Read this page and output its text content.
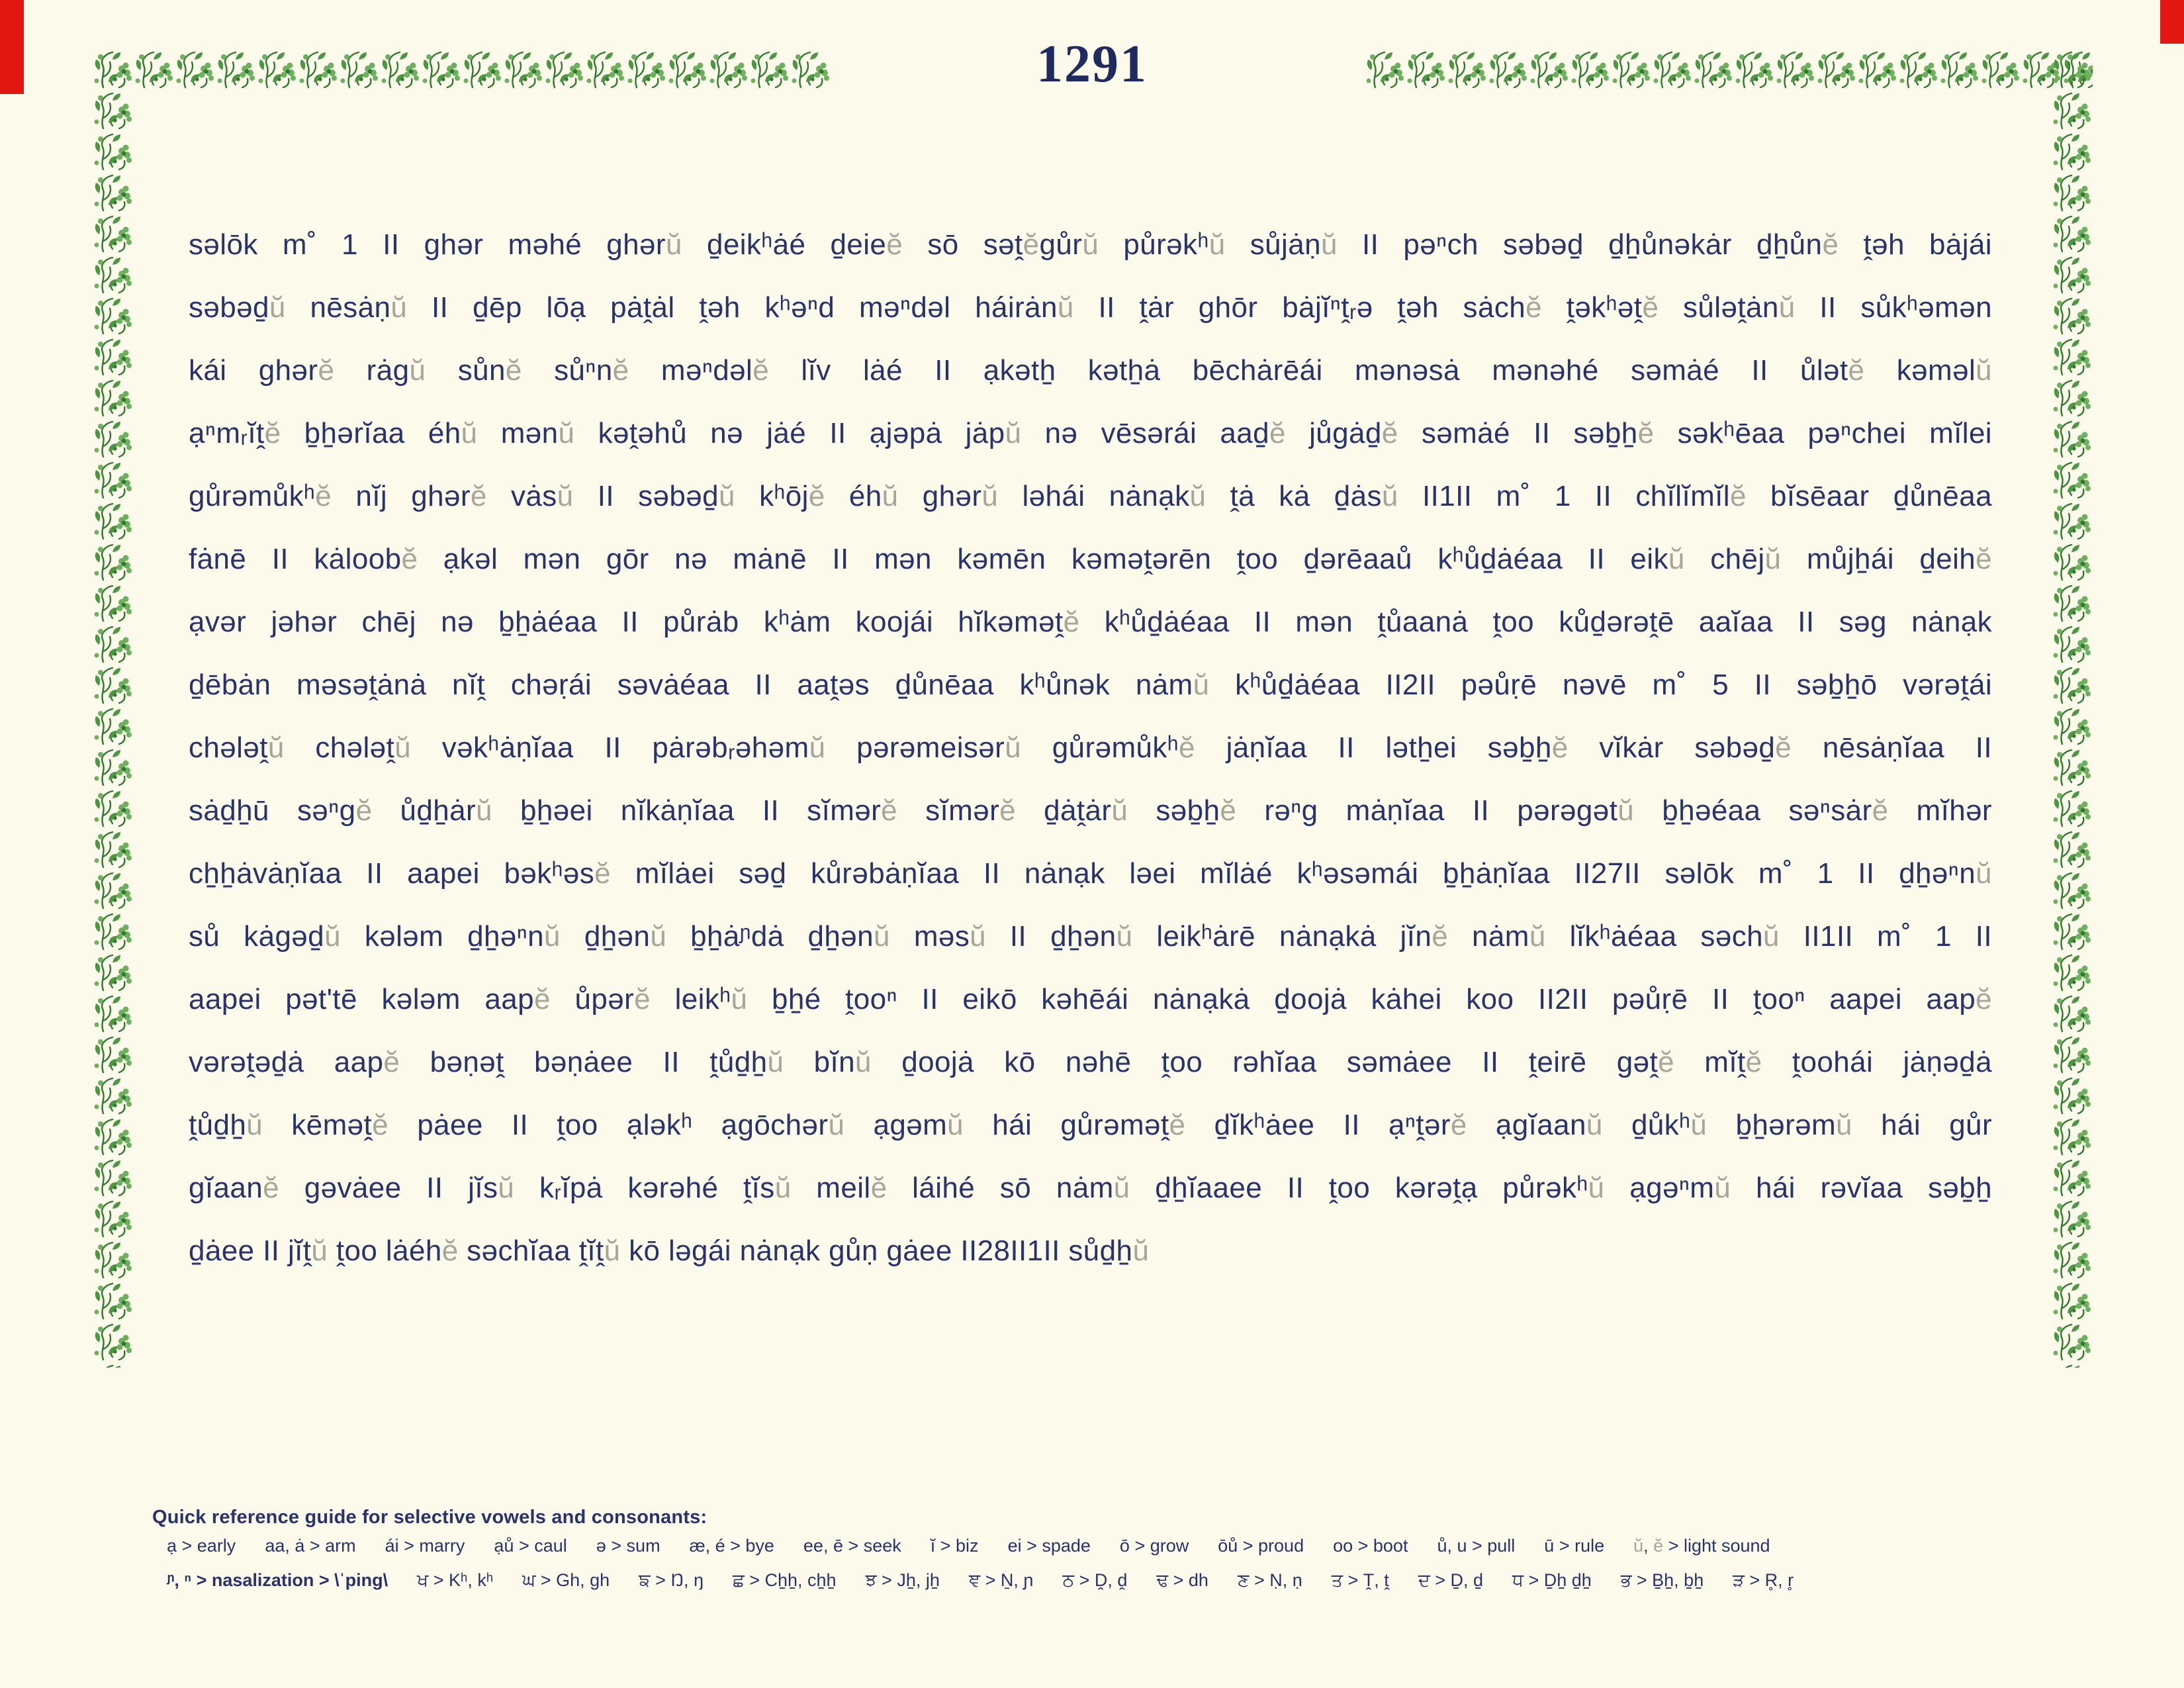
1291
səlōk m˚ 1 II ghər məhé ghərŭ d̠eikʰȧé d̠eieĕ sō səṱĕgůrŭ půrəkʰŭ sůjȧṇŭ II pəⁿch səbəd̠ d̠h̠ůnəkȧr d̠h̠ůnĕ ṱəh bȧjái
səbəd̠ŭ nēsȧṇŭ II d̠ēp lōạ pȧṱȧl ṱəh kʰəⁿd məⁿdəl háirȧnŭ II ṱȧr ghōr bȧjĭⁿṱᵣə ṱəh sȧchĕ ṱəkʰəṱĕ sůləṱȧnŭ II sůkʰəmən
kái ghərĕ rȧgŭ sůnĕ sůⁿnĕ məⁿdəlĕ lĭv lȧé II ạkəth̠ kəth̠ȧ bēchȧrēái mənəsȧ mənəhé səmȧé II ůlətĕ kəməlŭ
ạⁿmᵣĭṱĕ b̠h̠ərĭaa éhŭ mənŭ kəṱəhů nə jȧé II ạjəpȧ jȧpŭ nə vēsərái aad̠ĕ jůgȧd̠ĕ səmȧé II səb̠h̠ĕ səkʰēaa pəⁿchei mĭlei
gůrəmůkʰĕ nĭj ghərĕ vȧsŭ II səbəd̠ŭ kʰōjĕ éhŭ ghərŭ ləhái nȧnạkŭ ṱȧ kȧ d̠ȧsŭ II1II m˚ 1 II chĭlĭmĭlĕ bĭsēaar d̠ůnēaa
fȧnē II kȧloobĕ ạkəl mən gōr nə mȧnē II mən kəmēn kəməṱərēn ṱoo d̠ərēaaů kʰůd̠ȧéaa II eikŭ chējŭ můjh̠ái d̠eihĕ
ạvər jəhər chēj nə b̠h̠ȧéaa II půrȧb kʰȧm koojái hĭkəməṱĕ kʰůd̠ȧéaa II mən ṱůaanȧ ṱoo kůd̠ərəṱē aaĭaa II səg nȧnạk
d̠ēbȧn məsəṱȧnȧ nĭṱ chəṛái səvȧéaa II aaṱəs d̠ůnēaa kʰůnək nȧmŭ kʰůd̠ȧéaa II2II pəůṛē nəvē m˚ 5 II səb̠h̠ō vərəṱái
chələṱŭ chələṱŭ vəkʰȧṇĭaa II pȧrəbᵣəhəmŭ pərəmeisərŭ gůrəmůkʰĕ jȧṇĭaa II ləth̠ei səb̠h̠ĕ vĭkȧr səbəd̠ĕ nēsȧṇĭaa II
sȧd̠h̠ū səⁿgĕ ůd̠h̠ȧrŭ b̠h̠əei nĭkȧṇĭaa II sĭmərĕ sĭmərĕ d̠ȧṱȧrŭ səb̠h̠ĕ rəⁿg mȧṇĭaa II pərəgətŭ b̠h̠əéaa səⁿsȧrĕ mĭhər
ch̠h̠ȧvȧṇĭaa II aapei bəkʰəsĕ mĭlȧei səd̠ kůrəbȧṇĭaa II nȧnạk ləei mĭlȧé kʰəsəmái b̠h̠ȧṇĭaa II27II səlōk m˚ 1 II d̠h̠əⁿnŭ
sů kȧgəd̠ŭ kələm d̠h̠əⁿnŭ d̠h̠ənŭ b̠h̠ȧᶮdȧ d̠h̠ənŭ məsŭ II d̠h̠ənŭ leikʰȧrē nȧnạkȧ jĭnĕ nȧmŭ lĭkʰȧéaa səchŭ II1II m˚ 1 II
aapei pət'tē kələm aapĕ ůpərĕ leikʰŭ b̠h̠é ṱooⁿ II eikō kəhēái nȧnạkȧ d̠oojȧ kȧhei koo II2II pəůṛē II ṱooⁿ aapei aapĕ
vərəṱəd̠ȧ aapĕ bəṇəṱ bəṇȧee II ṱůd̠h̠ŭ bĭnŭ d̠oojȧ kō nəhē ṱoo rəhĭaa səmȧee II ṱeirē gəṱĕ mĭṱĕ ṱoohái jȧṇəd̠ȧ
ṱůd̠h̠ŭ kēməṱĕ pȧee II ṱoo ạləkʰ ạgōchərŭ ạgəmŭ hái gůrəməṱĕ d̠ĭkʰȧee II ạⁿṱərĕ ạgĭaanŭ d̠ůkʰŭ b̠h̠ərəmŭ hái gůr
gĭaanĕ gəvȧee II jĭsŭ kᵣĭpȧ kərəhé ṱĭsŭ meilĕ láihé sō nȧmŭ d̠h̠ĭaaee II ṱoo kərəṱạ půrəkʰŭ ạgəⁿmŭ hái rəvĭaa səb̠h̠
d̠ȧee II jĭṱŭ ṱoo lȧéhĕ səchĭaa ṱĭṱŭ kō ləgái nȧnạk gůṇ gȧee II28II1II sůd̠h̠ŭ
Quick reference guide for selective vowels and consonants:
ạ > early aa, ȧ > arm ái > marry ạů > caul ə > sum æ, é > bye ee, ē > seek ĭ > biz ei > spade ō > grow ōů > proud oo > boot ů, u > pull ū > rule ŭ, ĕ > light sound
ᶮ, ⁿ > nasalization > \ˈping\ ਖ > Kʰ, kʰ ਘ > Gh, gh ਙ > Ŋ, ŋ ਛ > Ch̠h̠, ch̠h̠ ਝ > Jh̠, jh̠ ਞ > Ṉ, ɲ ਠ > Ḓ, ḓ ਢ > dh ਣ > Ṇ, ṇ ਤ > Ṱ, ṱ ਦ > D̠, d̠ ਧ > D̠h̠ d̠h̠ ਭ > B̠h̠, b̠h̠ ੜ > R̥, r̥
